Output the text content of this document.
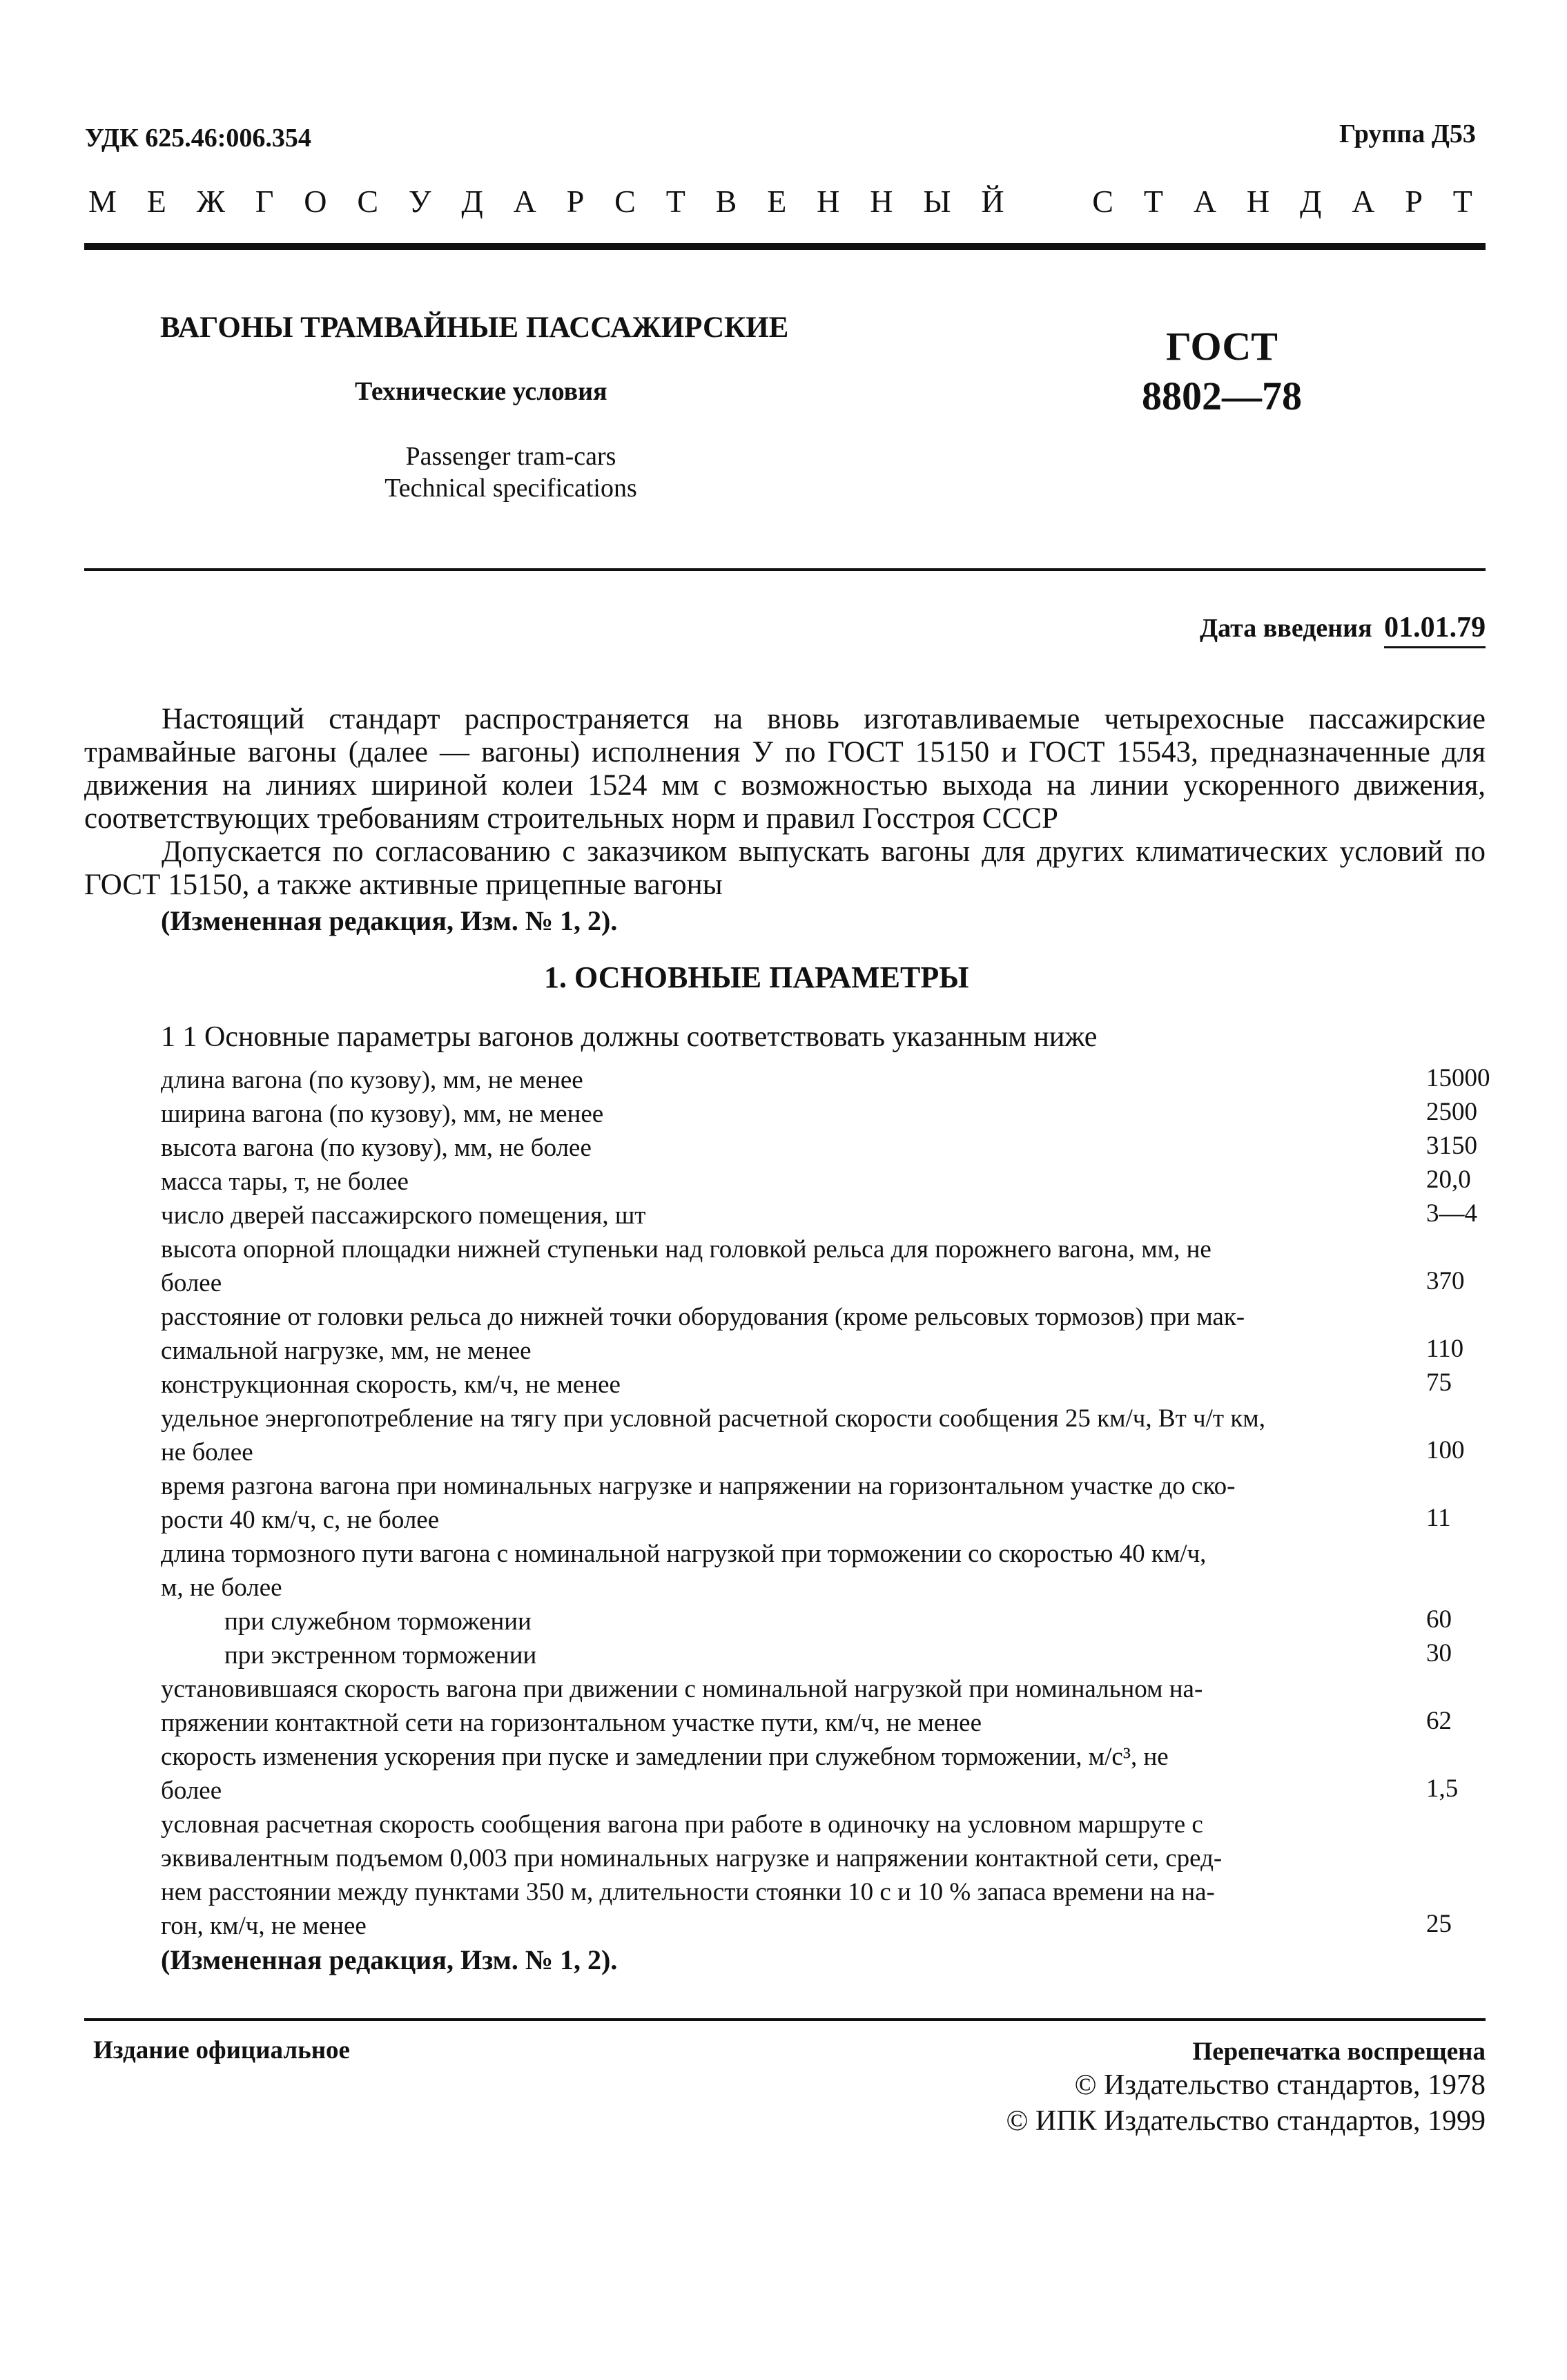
УДК 625.46:006.354	Группа Д53
М Е Ж Г О С У Д А Р С Т В Е Н Н Ы Й	С Т А Н Д А Р Т
ВАГОНЫ ТРАМВАЙНЫЕ ПАССАЖИРСКИЕ
Технические условия
Passenger tram-cars
Technical specifications
ГОСТ
8802—78
Дата введения 01.01.79
Настоящий стандарт распространяется на вновь изготавливаемые четырехосные пассажирские трамвайные вагоны (далее — вагоны) исполнения У по ГОСТ 15150 и ГОСТ 15543, предназначенные для движения на линиях шириной колеи 1524 мм с возможностью выхода на линии ускоренного движения, соответствующих требованиям строительных норм и правил Госстроя СССР
Допускается по согласованию с заказчиком выпускать вагоны для других климатических условий по ГОСТ 15150, а также активные прицепные вагоны
(Измененная редакция, Изм. № 1, 2).
1. ОСНОВНЫЕ ПАРАМЕТРЫ
1 1 Основные параметры вагонов должны соответствовать указанным ниже
длина вагона (по кузову), мм, не менее	15000
ширина вагона (по кузову), мм, не менее	2500
высота вагона (по кузову), мм, не более	3150
масса тары, т, не более	20,0
число дверей пассажирского помещения, шт	3—4
высота опорной площадки нижней ступеньки над головкой рельса для порожнего вагона, мм, не
более	370
расстояние от головки рельса до нижней точки оборудования (кроме рельсовых тормозов) при мак-
симальной нагрузке, мм, не менее	110
конструкционная скорость, км/ч, не менее	75
удельное энергопотребление на тягу при условной расчетной скорости сообщения 25 км/ч, Вт ч/т км,
не более	100
время разгона вагона при номинальных нагрузке и напряжении на горизонтальном участке до ско-
рости 40 км/ч, с, не более	11
длина тормозного пути вагона с номинальной нагрузкой при торможении со скоростью 40 км/ч,
м, не более
при служебном торможении	60
при экстренном торможении	30
установившаяся скорость вагона при движении с номинальной нагрузкой при номинальном на-
пряжении контактной сети на горизонтальном участке пути, км/ч, не менее	62
скорость изменения ускорения при пуске и замедлении при служебном торможении, м/с³, не
более	1,5
условная расчетная скорость сообщения вагона при работе в одиночку на условном маршруте с
эквивалентным подъемом 0,003 при номинальных нагрузке и напряжении контактной сети, сред-
нем расстоянии между пунктами 350 м, длительности стоянки 10 с и 10 % запаса времени на на-
гон, км/ч, не менее	25
(Измененная редакция, Изм. № 1, 2).
Издание официальное	Перепечатка воспрещена
© Издательство стандартов, 1978
© ИПК Издательство стандартов, 1999
